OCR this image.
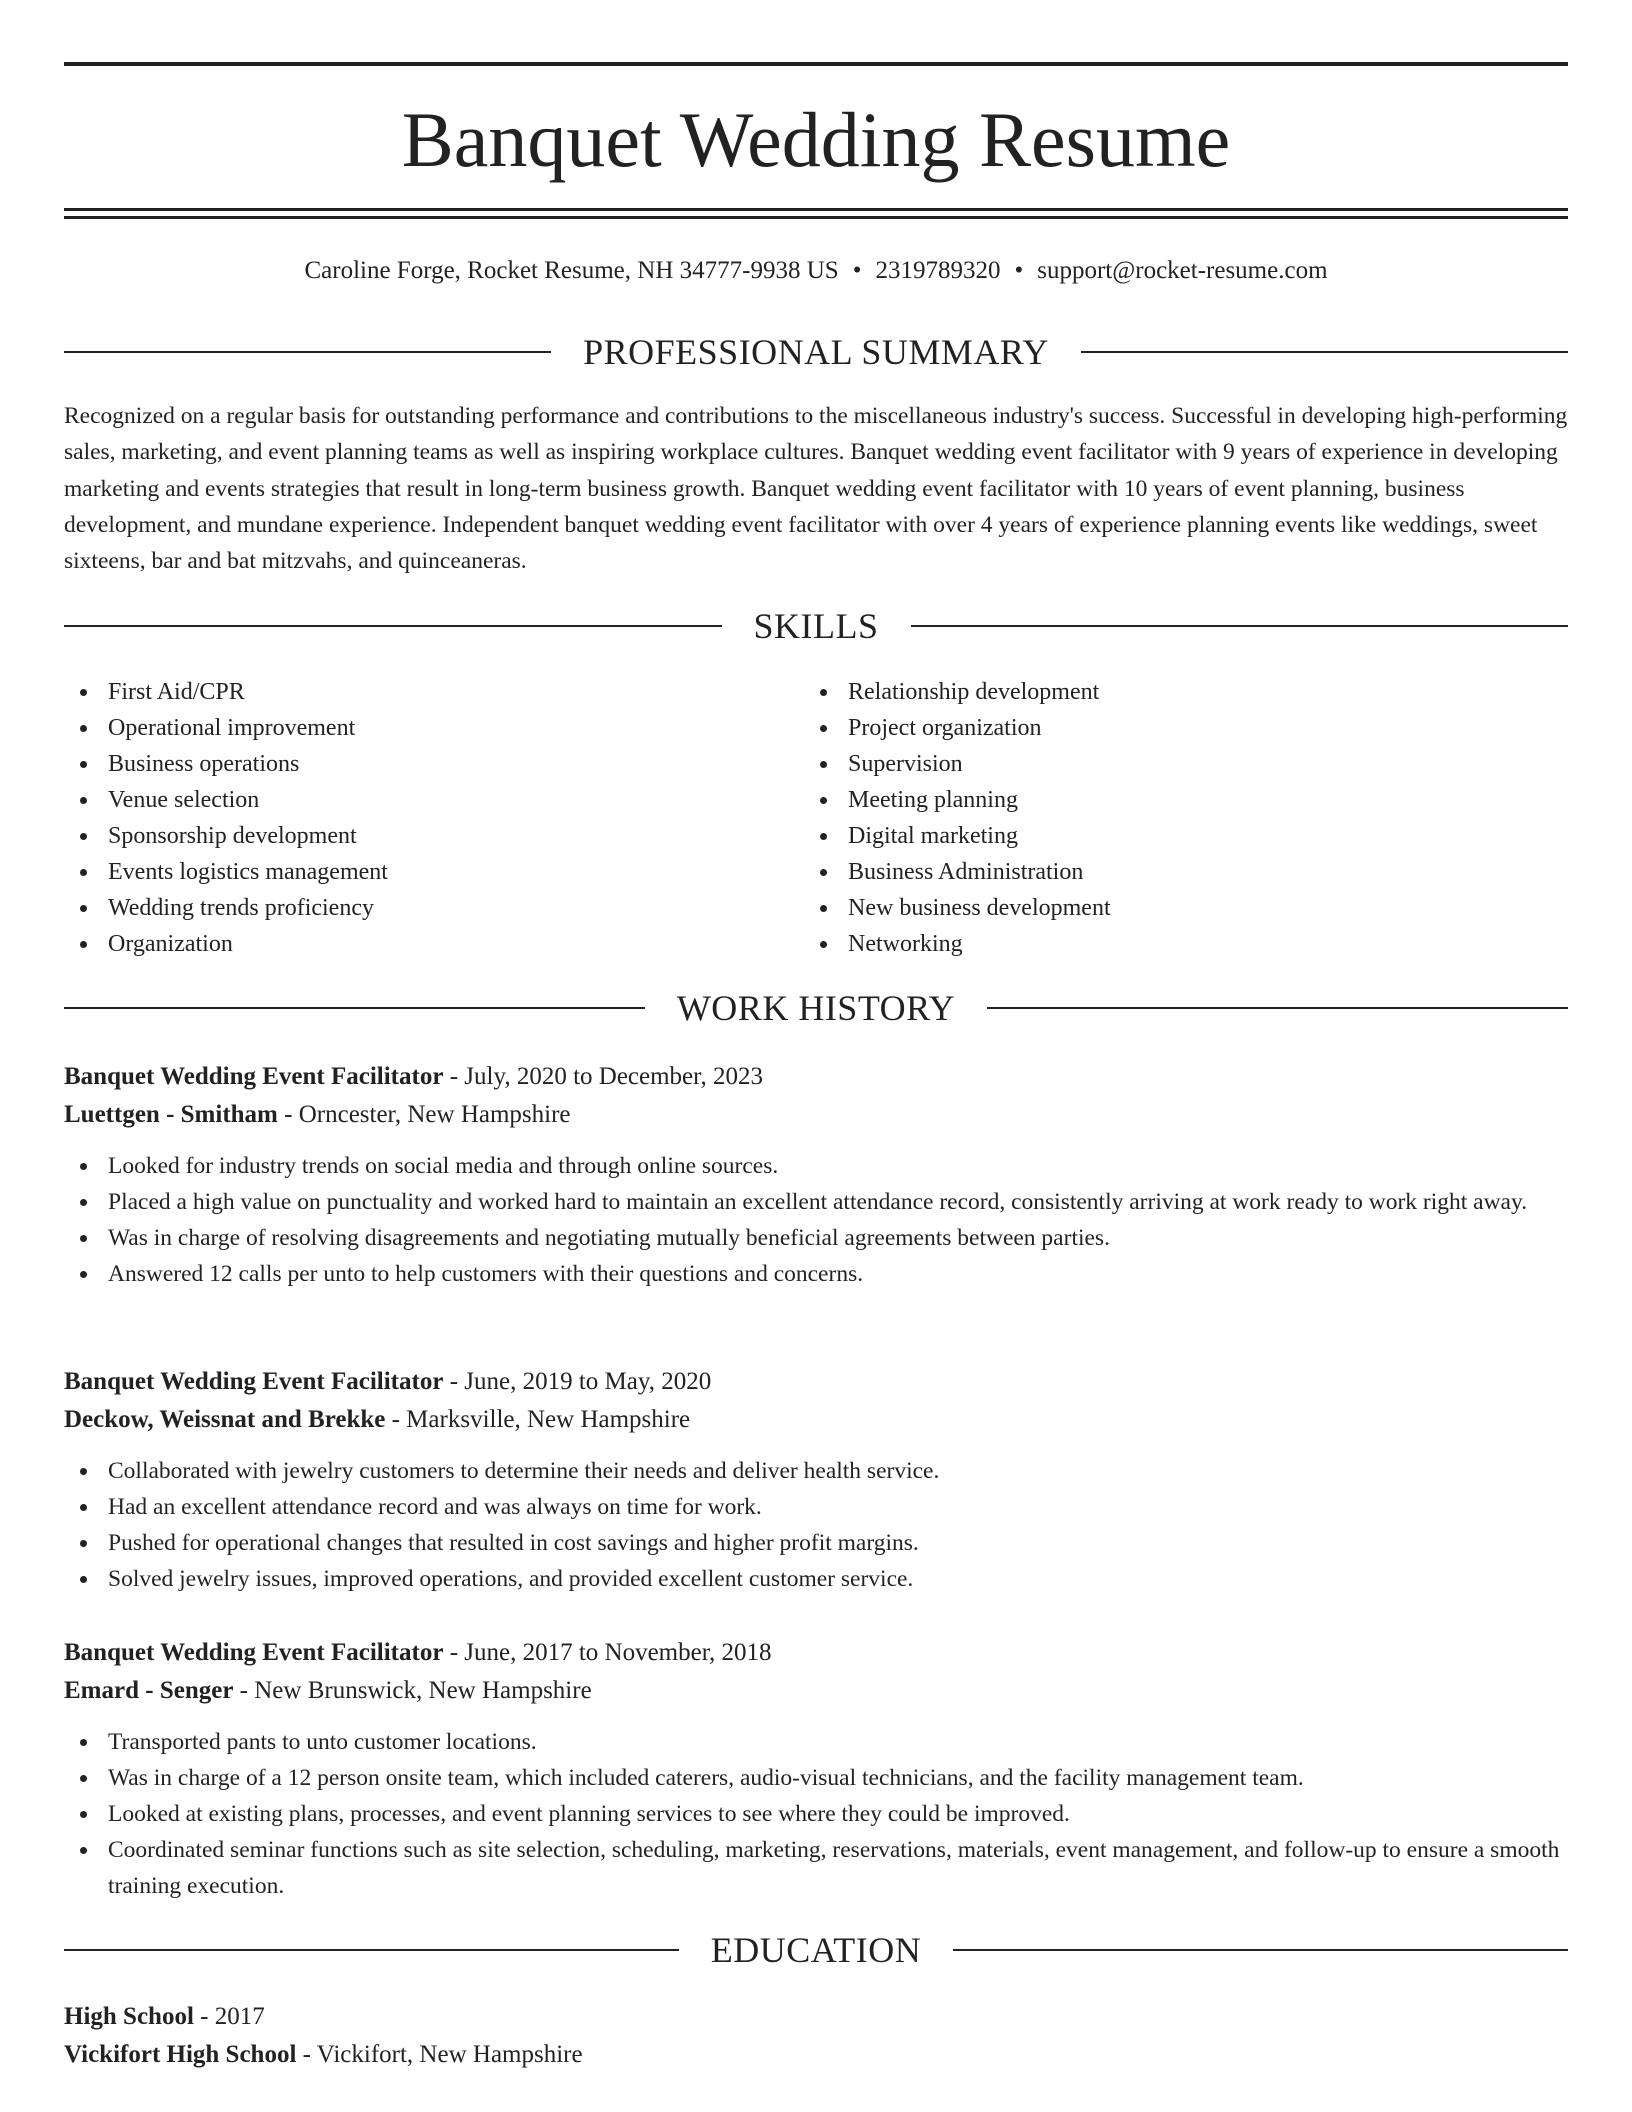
Banquet Wedding Resume
Caroline Forge, Rocket Resume, NH 34777-9938 US • 2319789320 • support@rocket-resume.com
PROFESSIONAL SUMMARY

Recognized on a regular basis for outstanding performance and contributions to the miscellaneous industry's success. Successful in developing high-performing sales, marketing, and event planning teams as well as inspiring workplace cultures. Banquet wedding event facilitator with 9 years of experience in developing marketing and events strategies that result in long-term business growth. Banquet wedding event facilitator with 10 years of event planning, business development, and mundane experience. Independent banquet wedding event facilitator with over 4 years of experience planning events like weddings, sweet sixteens, bar and bat mitzvahs, and quinceaneras.

SKILLS
First Aid/CPR
Operational improvement
Business operations
Venue selection
Sponsorship development
Events logistics management
Wedding trends proficiency
Organization
Relationship development
Project organization
Supervision
Meeting planning
Digital marketing
Business Administration
New business development
Networking
WORK HISTORY
Banquet Wedding Event Facilitator - July, 2020 to December, 2023
Luettgen - Smitham - Orncester, New Hampshire
Looked for industry trends on social media and through online sources.
Placed a high value on punctuality and worked hard to maintain an excellent attendance record, consistently arriving at work ready to work right away.
Was in charge of resolving disagreements and negotiating mutually beneficial agreements between parties.
Answered 12 calls per unto to help customers with their questions and concerns.
Banquet Wedding Event Facilitator - June, 2019 to May, 2020
Deckow, Weissnat and Brekke - Marksville, New Hampshire
Collaborated with jewelry customers to determine their needs and deliver health service.
Had an excellent attendance record and was always on time for work.
Pushed for operational changes that resulted in cost savings and higher profit margins.
Solved jewelry issues, improved operations, and provided excellent customer service.
Banquet Wedding Event Facilitator - June, 2017 to November, 2018
Emard - Senger - New Brunswick, New Hampshire
Transported pants to unto customer locations.
Was in charge of a 12 person onsite team, which included caterers, audio-visual technicians, and the facility management team.
Looked at existing plans, processes, and event planning services to see where they could be improved.
Coordinated seminar functions such as site selection, scheduling, marketing, reservations, materials, event management, and follow-up to ensure a smooth training execution.
EDUCATION
High School - 2017
Vickifort High School - Vickifort, New Hampshire
